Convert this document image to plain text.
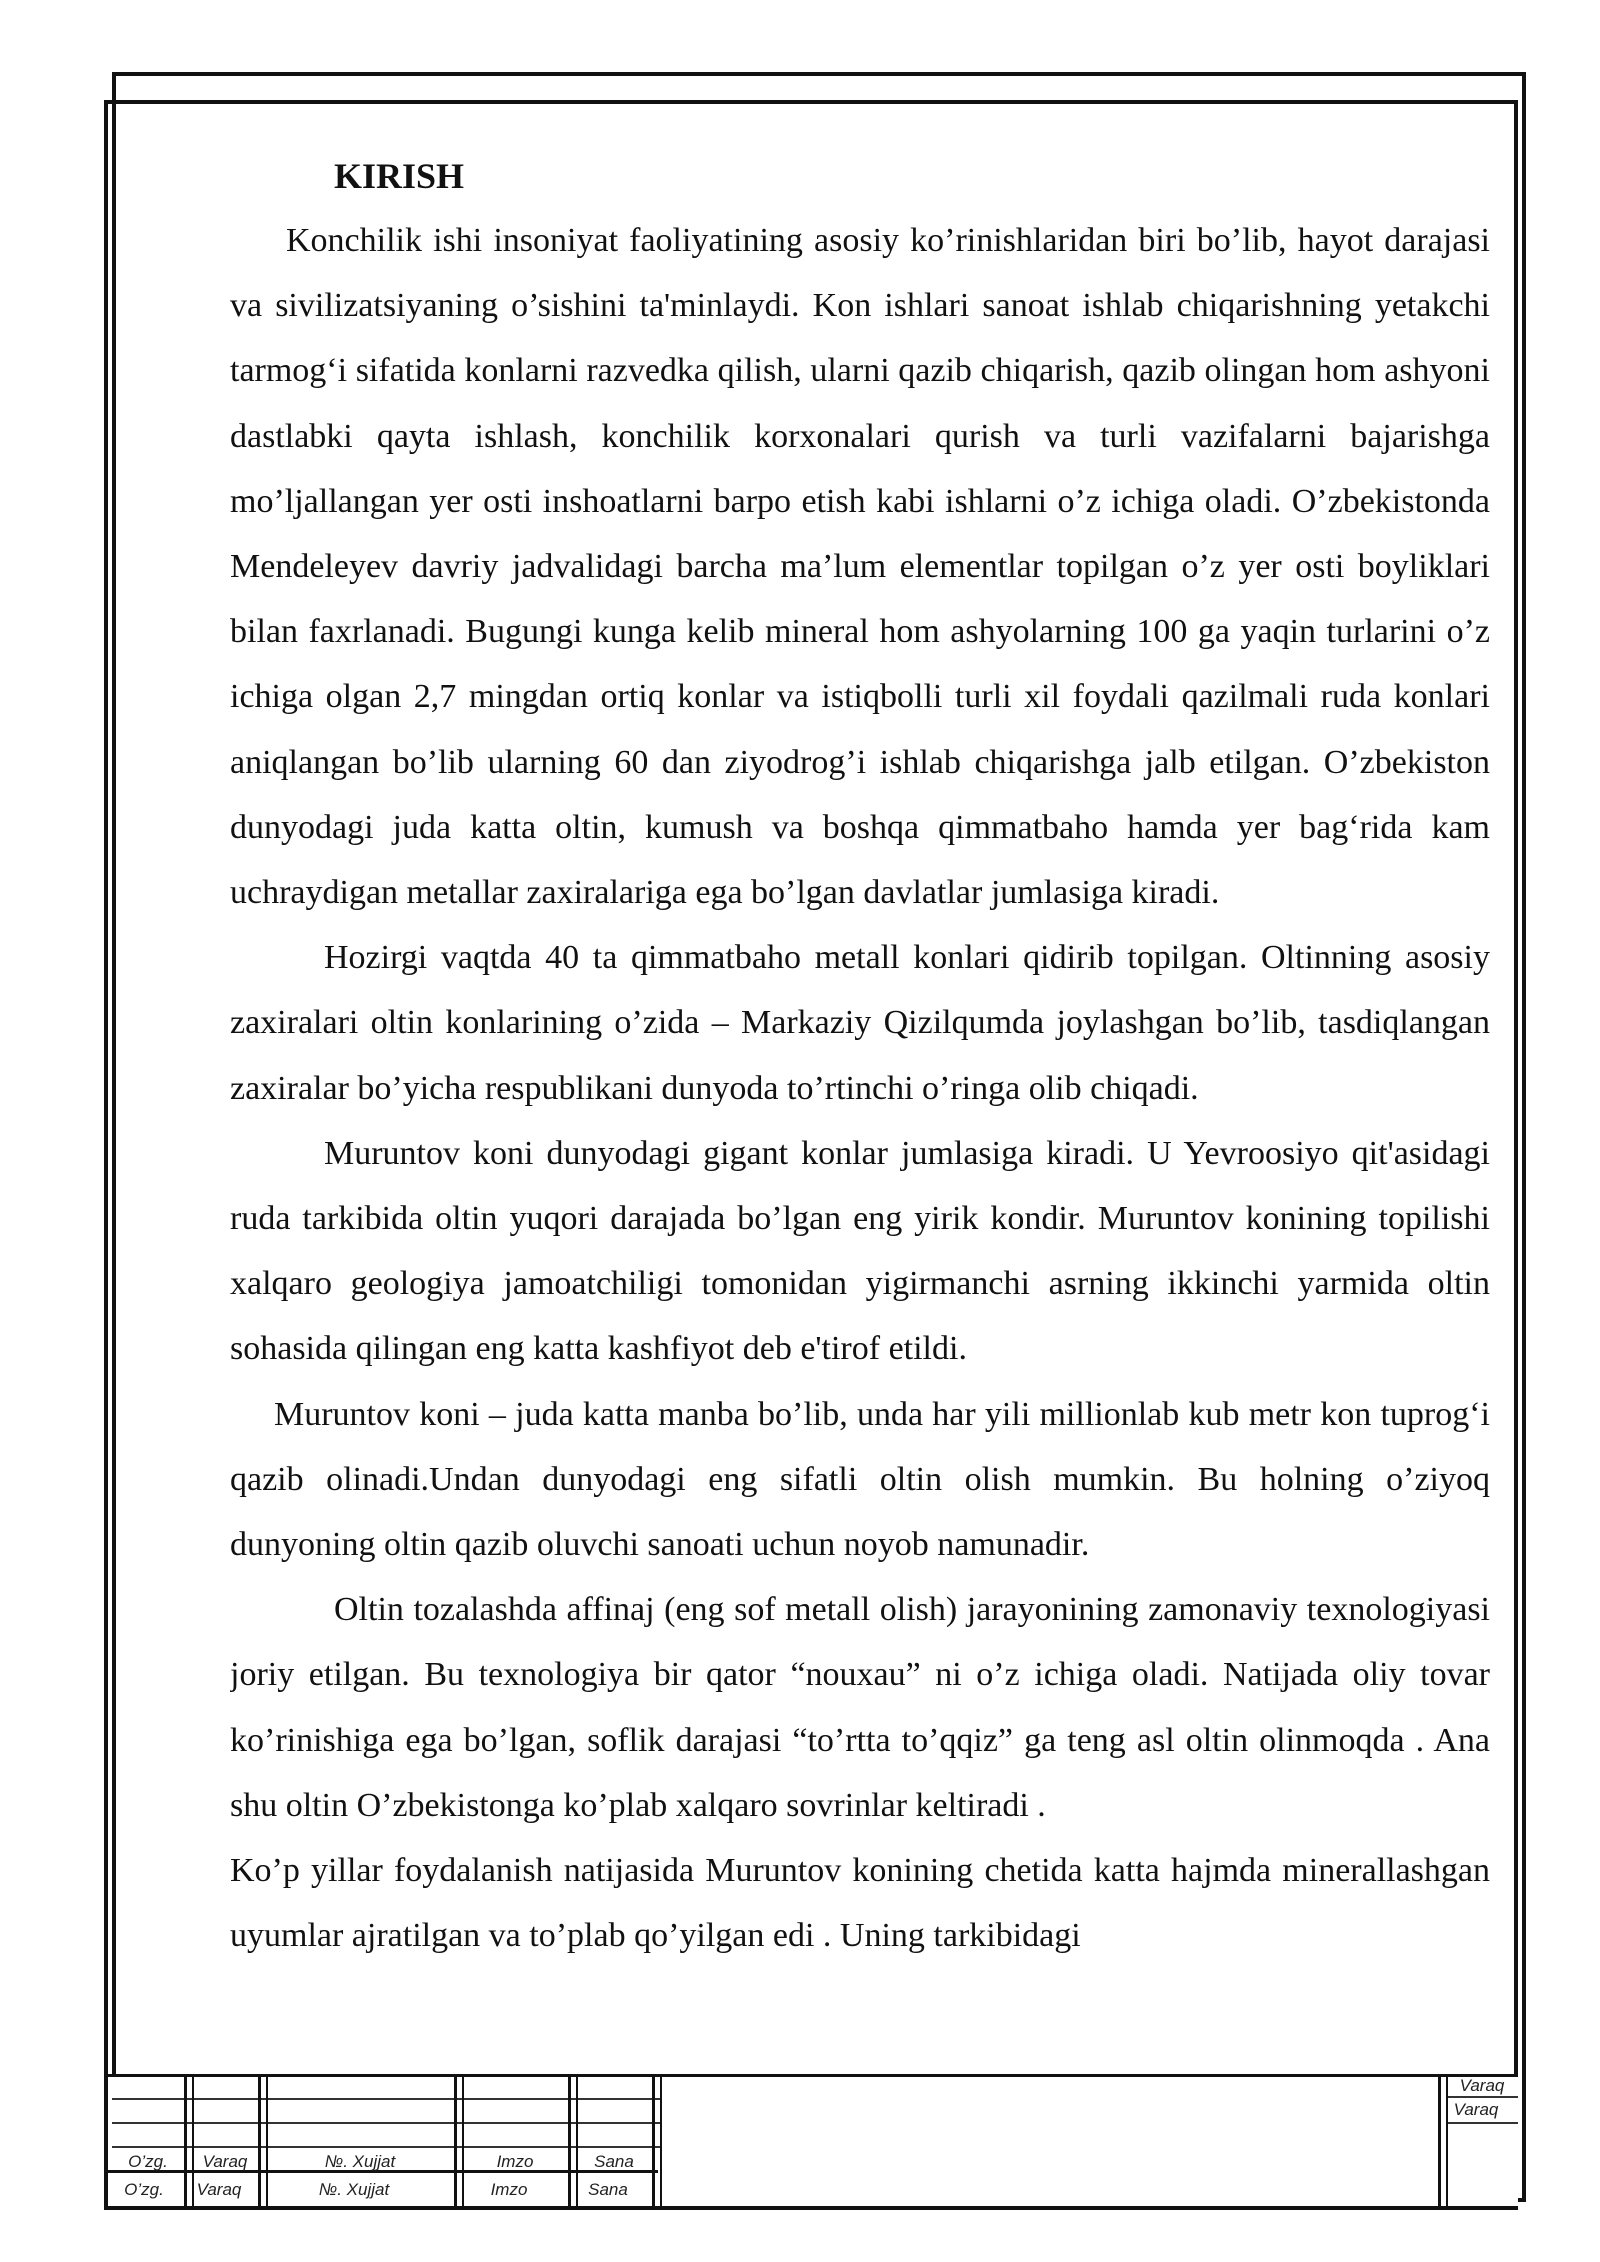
KIRISH

Konchilik ishi insoniyat faoliyatining asosiy ko’rinishlaridan biri bo’lib, hayot darajasi va sivilizatsiyaning o’sishini ta'minlaydi. Kon ishlari sanoat ishlab chiqarishning yetakchi tarmog‘i sifatida konlarni razvedka qilish, ularni qazib chiqarish, qazib olingan hom ashyoni dastlabki qayta ishlash, konchilik korxonalari qurish va turli vazifalarni bajarishga mo’ljallangan yer osti inshoatlarni barpo etish kabi ishlarni o’z ichiga oladi. O’zbekistonda Mendeleyev davriy jadvalidagi barcha ma’lum elementlar topilgan o’z yer osti boyliklari bilan faxrlanadi. Bugungi kunga kelib mineral hom ashyolarning 100 ga yaqin turlarini o’z ichiga olgan 2,7 mingdan ortiq konlar va istiqbolli turli xil foydali qazilmali ruda konlari aniqlangan bo’lib ularning 60 dan ziyodrog’i ishlab chiqarishga jalb etilgan. O’zbekiston dunyodagi juda katta oltin, kumush va boshqa qimmatbaho hamda yer bag‘rida kam uchraydigan metallar zaxiralariga ega bo’lgan davlatlar jumlasiga kiradi.

Hozirgi vaqtda 40 ta qimmatbaho metall konlari qidirib topilgan. Oltinning asosiy zaxiralari oltin konlarining o’zida – Markaziy Qizilqumda joylashgan bo’lib, tasdiqlangan zaxiralar bo’yicha respublikani dunyoda to’rtinchi o’ringa olib chiqadi.

Muruntov koni dunyodagi gigant konlar jumlasiga kiradi. U Yevroosiyo qit'asidagi ruda tarkibida oltin yuqori darajada bo’lgan eng yirik kondir. Muruntov konining topilishi xalqaro geologiya jamoatchiligi tomonidan yigirmanchi asrning ikkinchi yarmida oltin sohasida qilingan eng katta kashfiyot deb e'tirof etildi.

Muruntov koni – juda katta manba bo’lib, unda har yili millionlab kub metr kon tuprog‘i qazib olinadi.Undan dunyodagi eng sifatli oltin olish mumkin. Bu holning o’ziyoq dunyoning oltin qazib oluvchi sanoati uchun noyob namunadir.

Oltin tozalashda affinaj (eng sof metall olish) jarayonining zamonaviy texnologiyasi joriy etilgan. Bu texnologiya bir qator “nouxau” ni o’z ichiga oladi. Natijada oliy tovar ko’rinishiga ega bo’lgan, soflik darajasi “to’rtta to’qqiz” ga teng asl oltin olinmoqda . Ana shu oltin O’zbekistonga ko’plab xalqaro sovrinlar keltiradi .

Ko’p yillar foydalanish natijasida Muruntov konining chetida katta hajmda minerallashgan uyumlar ajratilgan va to’plab qo’yilgan edi . Uning tarkibidagi

O’zg.	Varaq	№. Xujjat	Imzo	Sana
O’zg.	Varaq	№. Xujjat	Imzo	Sana
Varaq
Varaq
